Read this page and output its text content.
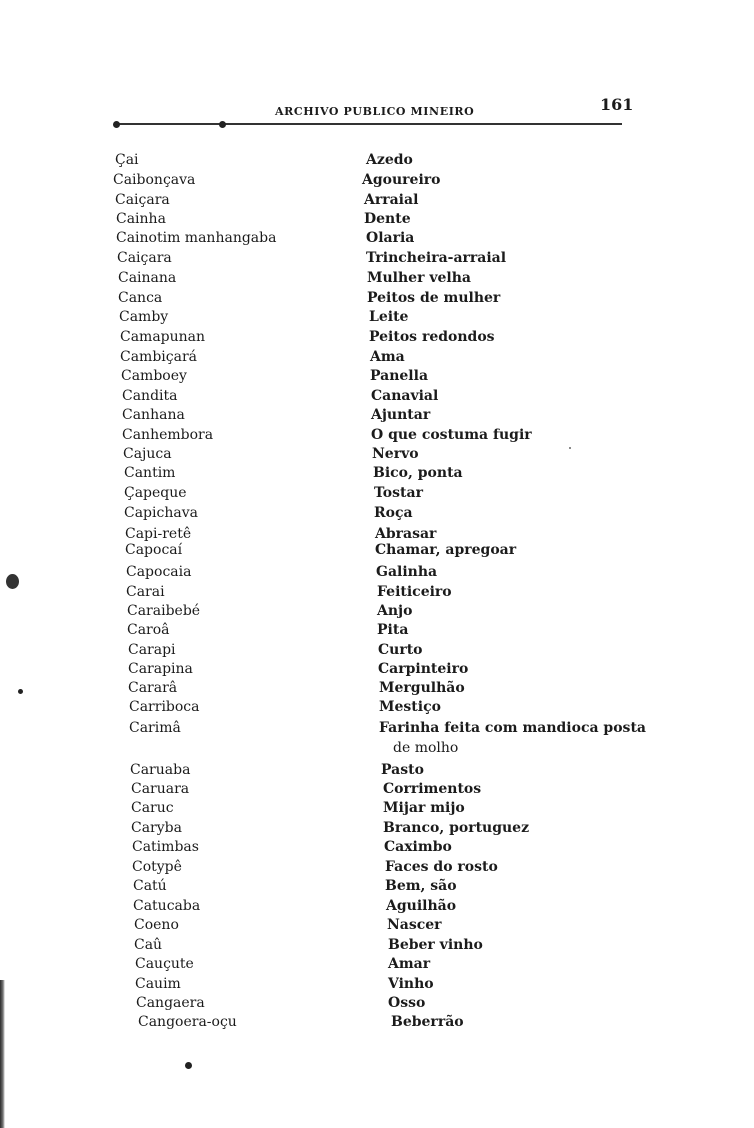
ARCHIVO PUBLICO MINEIRO	161
Çai	Azedo
Caibonçava	Agoureiro
Caiçara	Arraial
Cainha	Dente
Cainotim manhangaba	Olaria
Caiçara	Trincheira-arraial
Cainana	Mulher velha
Canca	Peitos de mulher
Camby	Leite
Camapunan	Peitos redondos
Cambiçará	Ama
Camboey	Panella
Candita	Canavial
Canhana	Ajuntar
Canhembora	O que costuma fugir
Cajuca	Nervo
Cantim	Bico, ponta
Çapeque	Tostar
Capichava	Roça
Capi-retê	Abrasar
Capocaí	Chamar, apregoar
Capocaia	Galinha
Carai	Feiticeiro
Caraibebé	Anjo
Caroâ	Pita
Carapi	Curto
Carapina	Carpinteiro
Cararâ	Mergulhão
Carriboca	Mestiço
Carimâ	Farinha feita com mandioca posta
de molho
Caruaba	Pasto
Caruara	Corrimentos
Caruc	Mijar mijo
Caryba	Branco, portuguez
Catimbas	Caximbo
Cotypê	Faces do rosto
Catú	Bem, são
Catucaba	Aguilhão
Coeno	Nascer
Caû	Beber vinho
Cauçute	Amar
Cauim	Vinho
Cangaera	Osso
Cangoera-oçu	Beberrão
